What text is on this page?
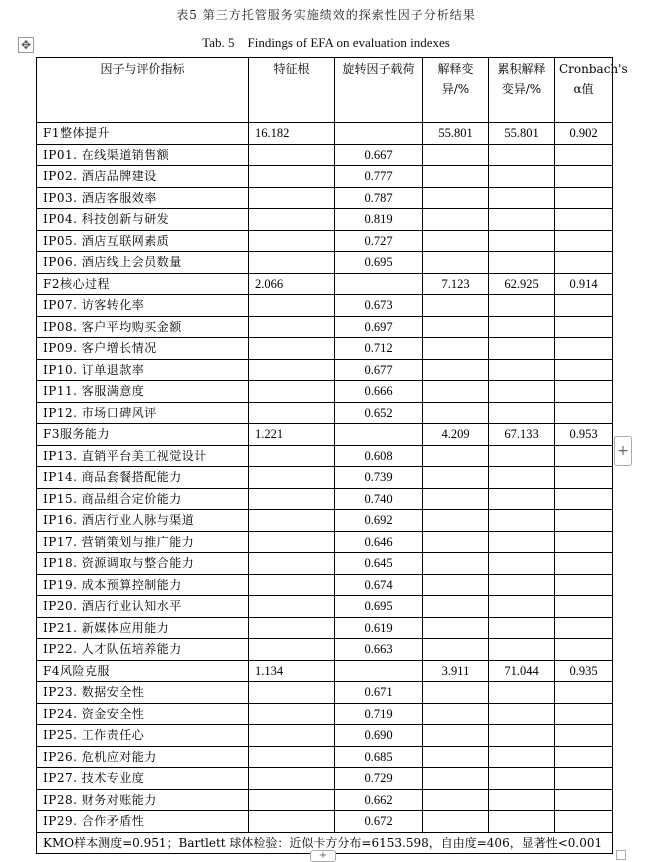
表5 第三方托管服务实施绩效的探索性因子分析结果
✥	Tab. 5　Findings of EFA on evaluation indexes
因子与评价指标	特征根	旋转因子载荷	解释变异/%	累积解释变异/%	Cronbach's α值
F1整体提升	16.182		55.801	55.801	0.902
IP01. 在线渠道销售额		0.667			
IP02. 酒店品牌建设		0.777			
IP03. 酒店客服效率		0.787			
IP04. 科技创新与研发		0.819			
IP05. 酒店互联网素质		0.727			
IP06. 酒店线上会员数量		0.695			
F2核心过程	2.066		7.123	62.925	0.914
IP07. 访客转化率		0.673			
IP08. 客户平均购买金额		0.697			
IP09. 客户增长情况		0.712			
IP10. 订单退款率		0.677			
IP11. 客服满意度		0.666			
IP12. 市场口碑风评		0.652			
F3服务能力	1.221		4.209	67.133	0.953
IP13. 直销平台美工视觉设计		0.608			
IP14. 商品套餐搭配能力		0.739			
IP15. 商品组合定价能力		0.740			
IP16. 酒店行业人脉与渠道		0.692			
IP17. 营销策划与推广能力		0.646			
IP18. 资源调取与整合能力		0.645			
IP19. 成本预算控制能力		0.674			
IP20. 酒店行业认知水平		0.695			
IP21. 新媒体应用能力		0.619			
IP22. 人才队伍培养能力		0.663			
F4风险克服	1.134		3.911	71.044	0.935
IP23. 数据安全性		0.671			
IP24. 资金安全性		0.719			
IP25. 工作责任心		0.690			
IP26. 危机应对能力		0.685			
IP27. 技术专业度		0.729			
IP28. 财务对账能力		0.662			
IP29. 合作矛盾性		0.672			
KMO样本测度=0.951；Bartlett 球体检验：近似卡方分布=6153.598，自由度=406，显著性<0.001					
+
+
